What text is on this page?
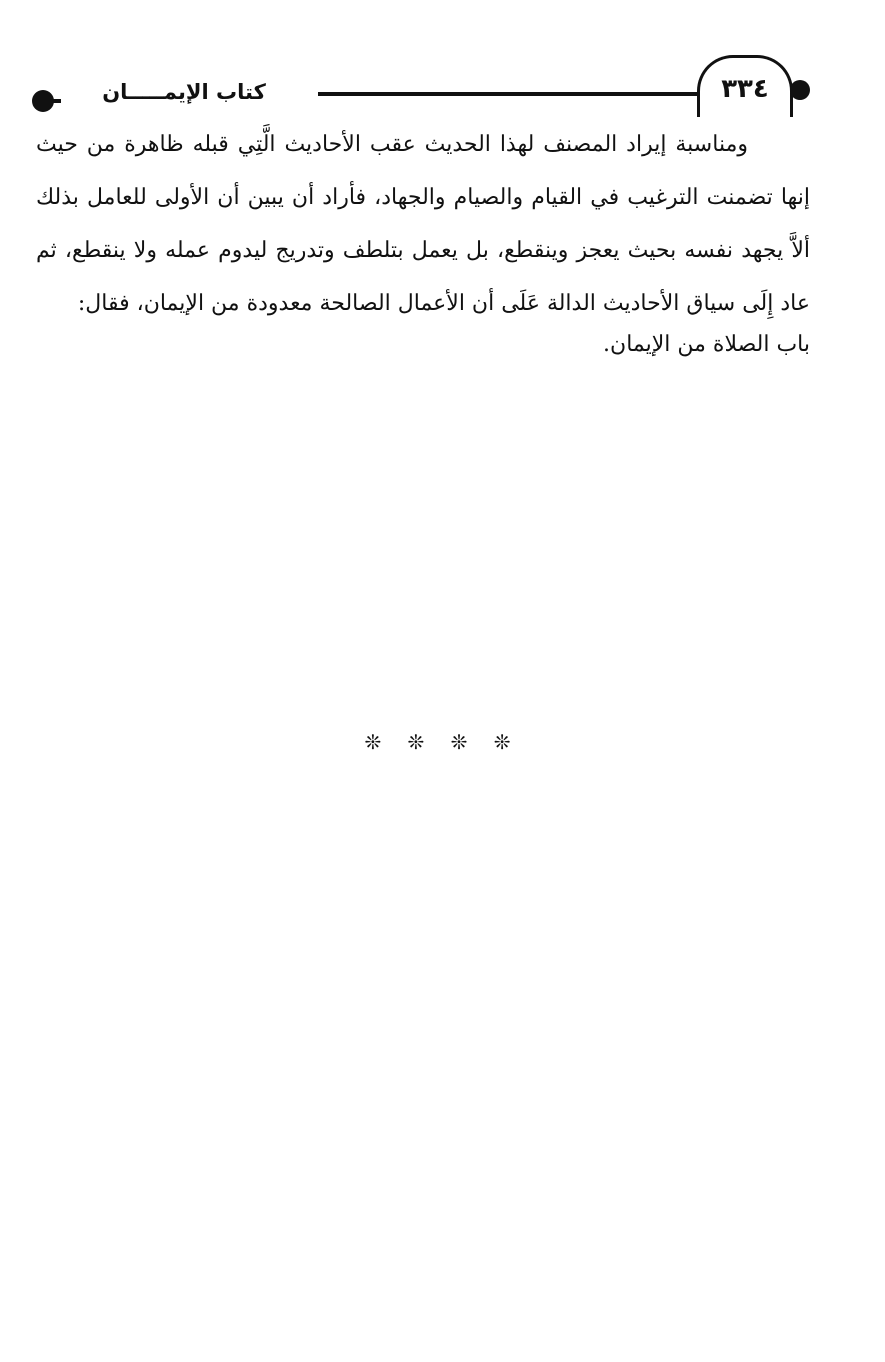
كتاب الإيمـــــان	٣٣٤

ومناسبة إيراد المصنف لهذا الحديث عقب الأحاديث الَّتِي قبله ظاهرة من حيث إنها تضمنت الترغيب في القيام والصيام والجهاد، فأراد أن يبين أن الأولى للعامل بذلك ألاَّ يجهد نفسه بحيث يعجز وينقطع، بل يعمل بتلطف وتدريج ليدوم عمله ولا ينقطع، ثم عاد إِلَى سياق الأحاديث الدالة عَلَى أن الأعمال الصالحة معدودة من الإيمان، فقال:

باب الصلاة من الإيمان.
❊ ❊ ❊ ❊
